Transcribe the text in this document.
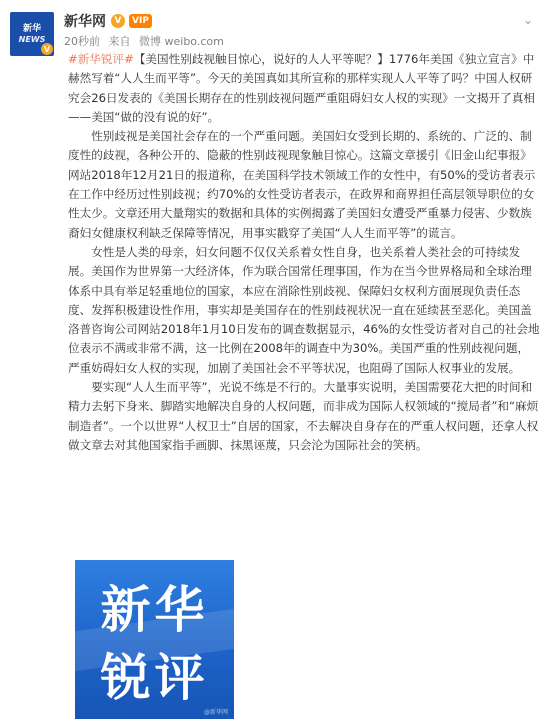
新华
NEWS
V
新华网 V	VIP
20秒前 来自 微博 weibo.com
⌄

#新华锐评#【美国性别歧视触目惊心，说好的人人平等呢？】1776年美国《独立宣言》中赫然写着“人人生而平等”。今天的美国真如其所宣称的那样实现人人平等了吗？中国人权研究会26日发表的《美国长期存在的性别歧视问题严重阻碍妇女人权的实现》一文揭开了真相——美国“做的没有说的好”。

性别歧视是美国社会存在的一个严重问题。美国妇女受到长期的、系统的、广泛的、制度性的歧视，各种公开的、隐蔽的性别歧视现象触目惊心。这篇文章援引《旧金山纪事报》网站2018年12月21日的报道称，在美国科学技术领域工作的女性中，有50%的受访者表示在工作中经历过性别歧视；约70%的女性受访者表示，在政界和商界担任高层领导职位的女性太少。文章还用大量翔实的数据和具体的实例揭露了美国妇女遭受严重暴力侵害、少数族裔妇女健康权利缺乏保障等情况，用事实戳穿了美国“人人生而平等”的谎言。

女性是人类的母亲，妇女问题不仅仅关系着女性自身，也关系着人类社会的可持续发展。美国作为世界第一大经济体，作为联合国常任理事国，作为在当今世界格局和全球治理体系中具有举足轻重地位的国家，本应在消除性别歧视、保障妇女权利方面展现负责任态度、发挥积极建设性作用，事实却是美国存在的性别歧视状况一直在延续甚至恶化。美国盖洛普咨询公司网站2018年1月10日发布的调查数据显示，46%的女性受访者对自己的社会地位表示不满或非常不满，这一比例在2008年的调查中为30%。美国严重的性别歧视问题，严重妨碍妇女人权的实现，加剧了美国社会不平等状况，也阻碍了国际人权事业的发展。

要实现“人人生而平等”，光说不练是不行的。大量事实说明，美国需要花大把的时间和精力去躬下身来、脚踏实地解决自身的人权问题，而非成为国际人权领域的“搅局者”和“麻烦制造者”。一个以世界“人权卫士”自居的国家，不去解决自身存在的严重人权问题，还拿人权做文章去对其他国家指手画脚、抹黑诬蔑，只会沦为国际社会的笑柄。

新华
锐评
@新华网
